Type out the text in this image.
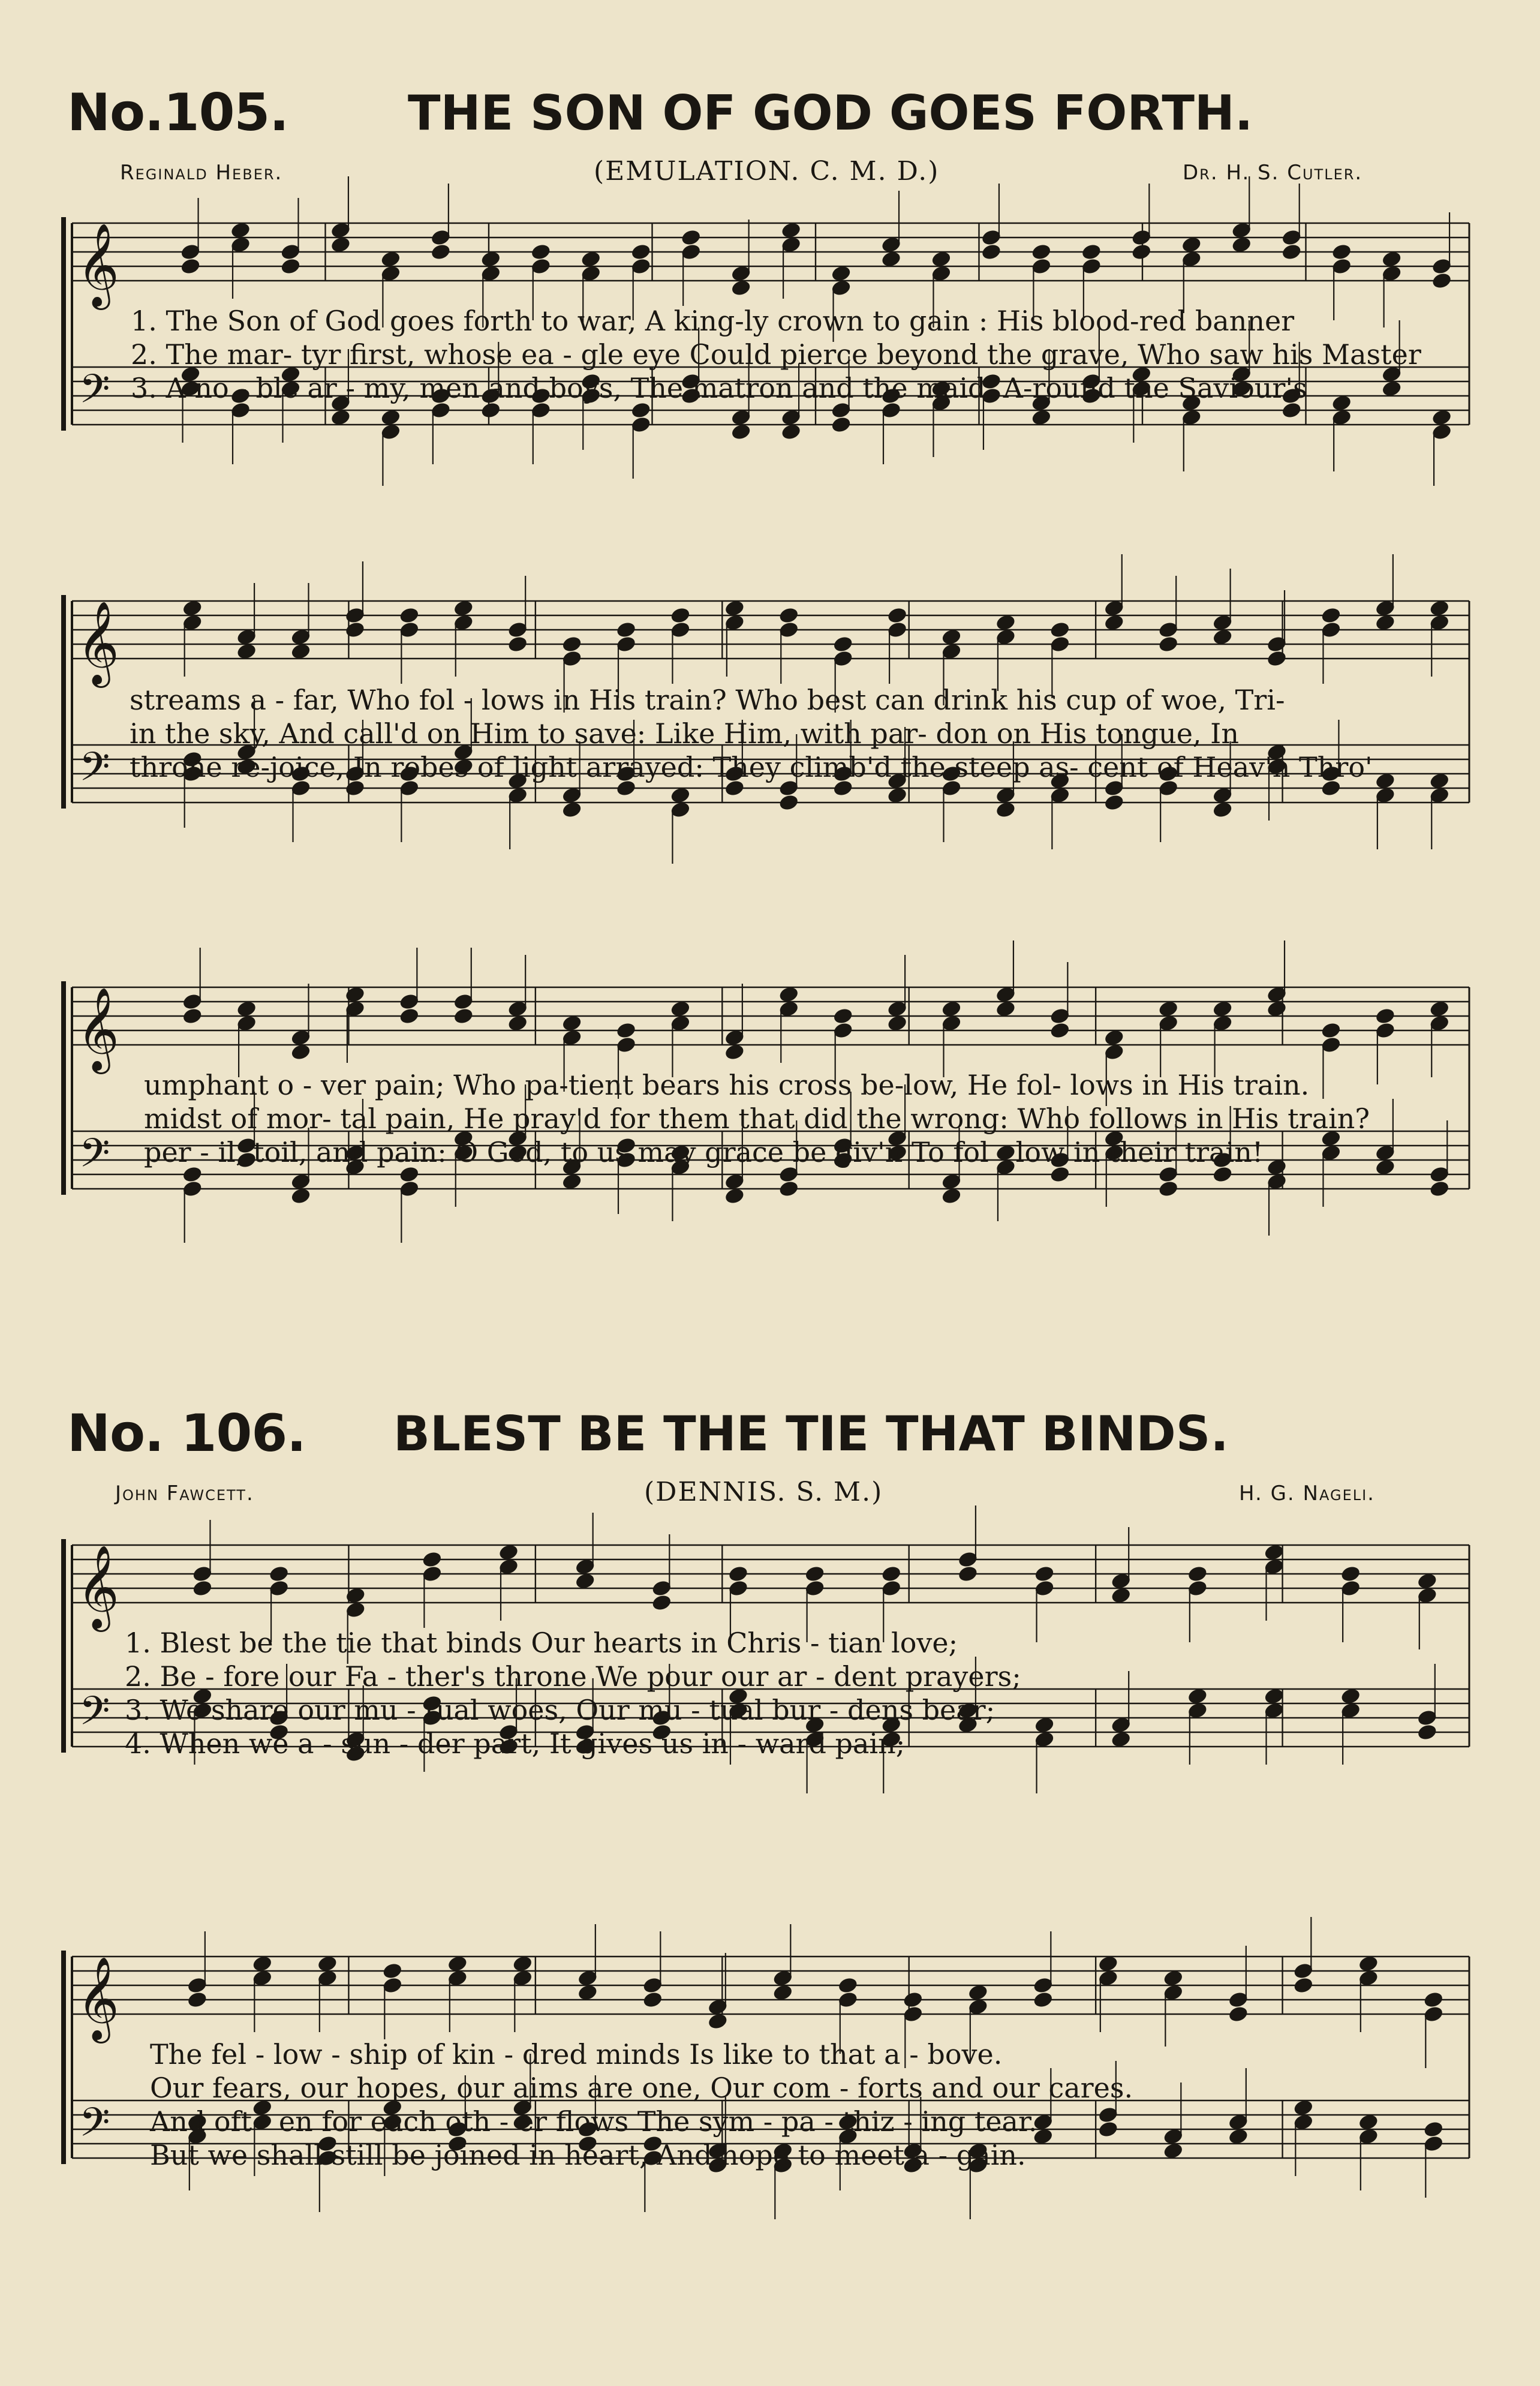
No.105. THE SON OF GOD GOES FORTH.
Reginald Heber.	(EMULATION. C. M. D.)	Dr. H. S. Cutler.
𝄞
𝄢
𝄞
𝄢
𝄞
𝄢
𝄞
𝄢
𝄞
𝄢
1. The Son of God goes forth to war, A king-ly crown to gain : His blood-red banner
2. The mar- tyr first, whose ea - gle eye Could pierce beyond the grave, Who saw his Master
3. A no - ble ar - my, men and boys, The matron and the maid, A-round the Saviour's
streams a - far, Who fol - lows in His train? Who best can drink his cup of woe, Tri-
in the sky, And call'd on Him to save: Like Him, with par- don on His tongue, In
throne re-joice, In robes of light arrayed: They climb'd the steep as- cent of Heav'n Thro'
umphant o - ver pain; Who pa-tient bears his cross be-low, He fol- lows in His train.
midst of mor- tal pain, He pray'd for them that did the wrong: Who follows in His train?
per - il, toil, and pain: O God, to us may grace be giv'n To fol - low in their train!
No. 106. BLEST BE THE TIE THAT BINDS.
John Fawcett.	(DENNIS. S. M.)	H. G. Nageli.
1. Blest be the tie that binds Our hearts in Chris - tian love;
2. Be - fore our Fa - ther's throne We pour our ar - dent prayers;
3. We share our mu - tual woes, Our mu - tual bur - dens bear;
4. When we a - sun - der part, It gives us in - ward pain;
The fel - low - ship of kin - dred minds Is like to that a - bove.
Our fears, our hopes, our aims are one, Our com - forts and our cares.
And oft - en for each oth - er flows The sym - pa - thiz - ing tear.
But we shall still be joined in heart, And hope to meet a - gain.
